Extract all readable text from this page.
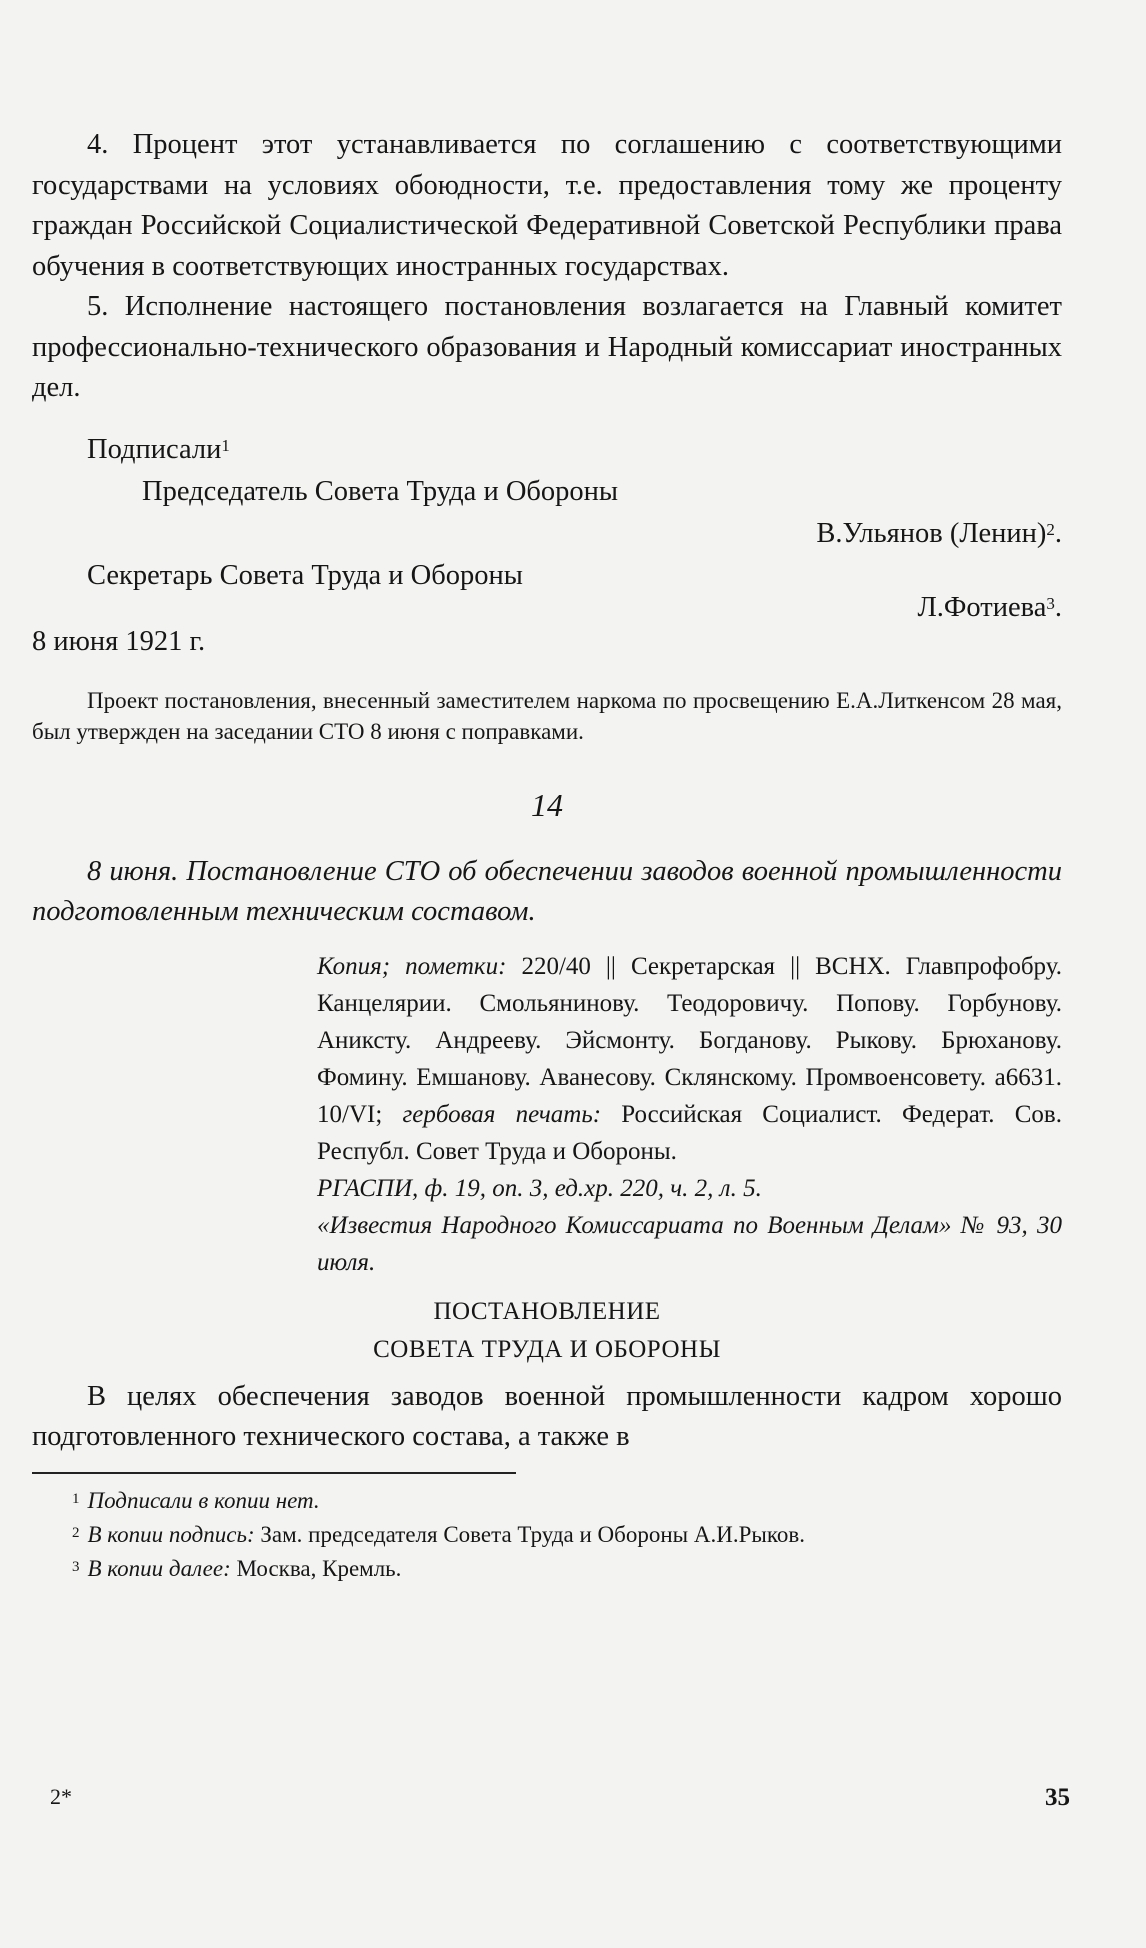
4. Процент этот устанавливается по соглашению с соответствующими государствами на условиях обоюдности, т.е. предоставления тому же проценту граждан Российской Социалистической Федеративной Советской Республики права обучения в соответствующих иностранных государствах.

5. Исполнение настоящего постановления возлагается на Главный комитет профессионально-технического образования и Народный комиссариат иностранных дел.

Подписали$^1$
Председатель Совета Труда и Обороны
В.Ульянов (Ленин)$^2$.
Секретарь Совета Труда и Обороны
Л.Фотиева$^3$.
8 июня 1921 г.

Проект постановления, внесенный заместителем наркома по просвещению Е.А.Литкенсом 28 мая, был утвержден на заседании СТО 8 июня с поправками.

14

8 июня. Постановление СТО об обеспечении заводов военной промышленности подготовленным техническим составом.

Копия; пометки: 220/40 || Секретарская || ВСНХ. Главпрофобру. Канцелярии. Смольянинову. Теодоровичу. Попову. Горбунову. Аниксту. Андрееву. Эйсмонту. Богданову. Рыкову. Брюханову. Фомину. Емшанову. Аванесову. Склянскому. Промвоенсовету. а6631. 10/VI; гербовая печать: Российская Социалист. Федерат. Сов. Республ. Совет Труда и Обороны.

РГАСПИ, ф. 19, оп. 3, ед.хр. 220, ч. 2, л. 5.

«Известия Народного Комиссариата по Военным Делам» № 93, 30 июля.

ПОСТАНОВЛЕНИЕ
СОВЕТА ТРУДА И ОБОРОНЫ

В целях обеспечения заводов военной промышленности кадром хорошо подготовленного технического состава, а также в

$^1$ Подписали в копии нет.
$^2$ В копии подпись: Зам. председателя Совета Труда и Обороны А.И.Рыков.
$^3$ В копии далее: Москва, Кремль.
2*	35
